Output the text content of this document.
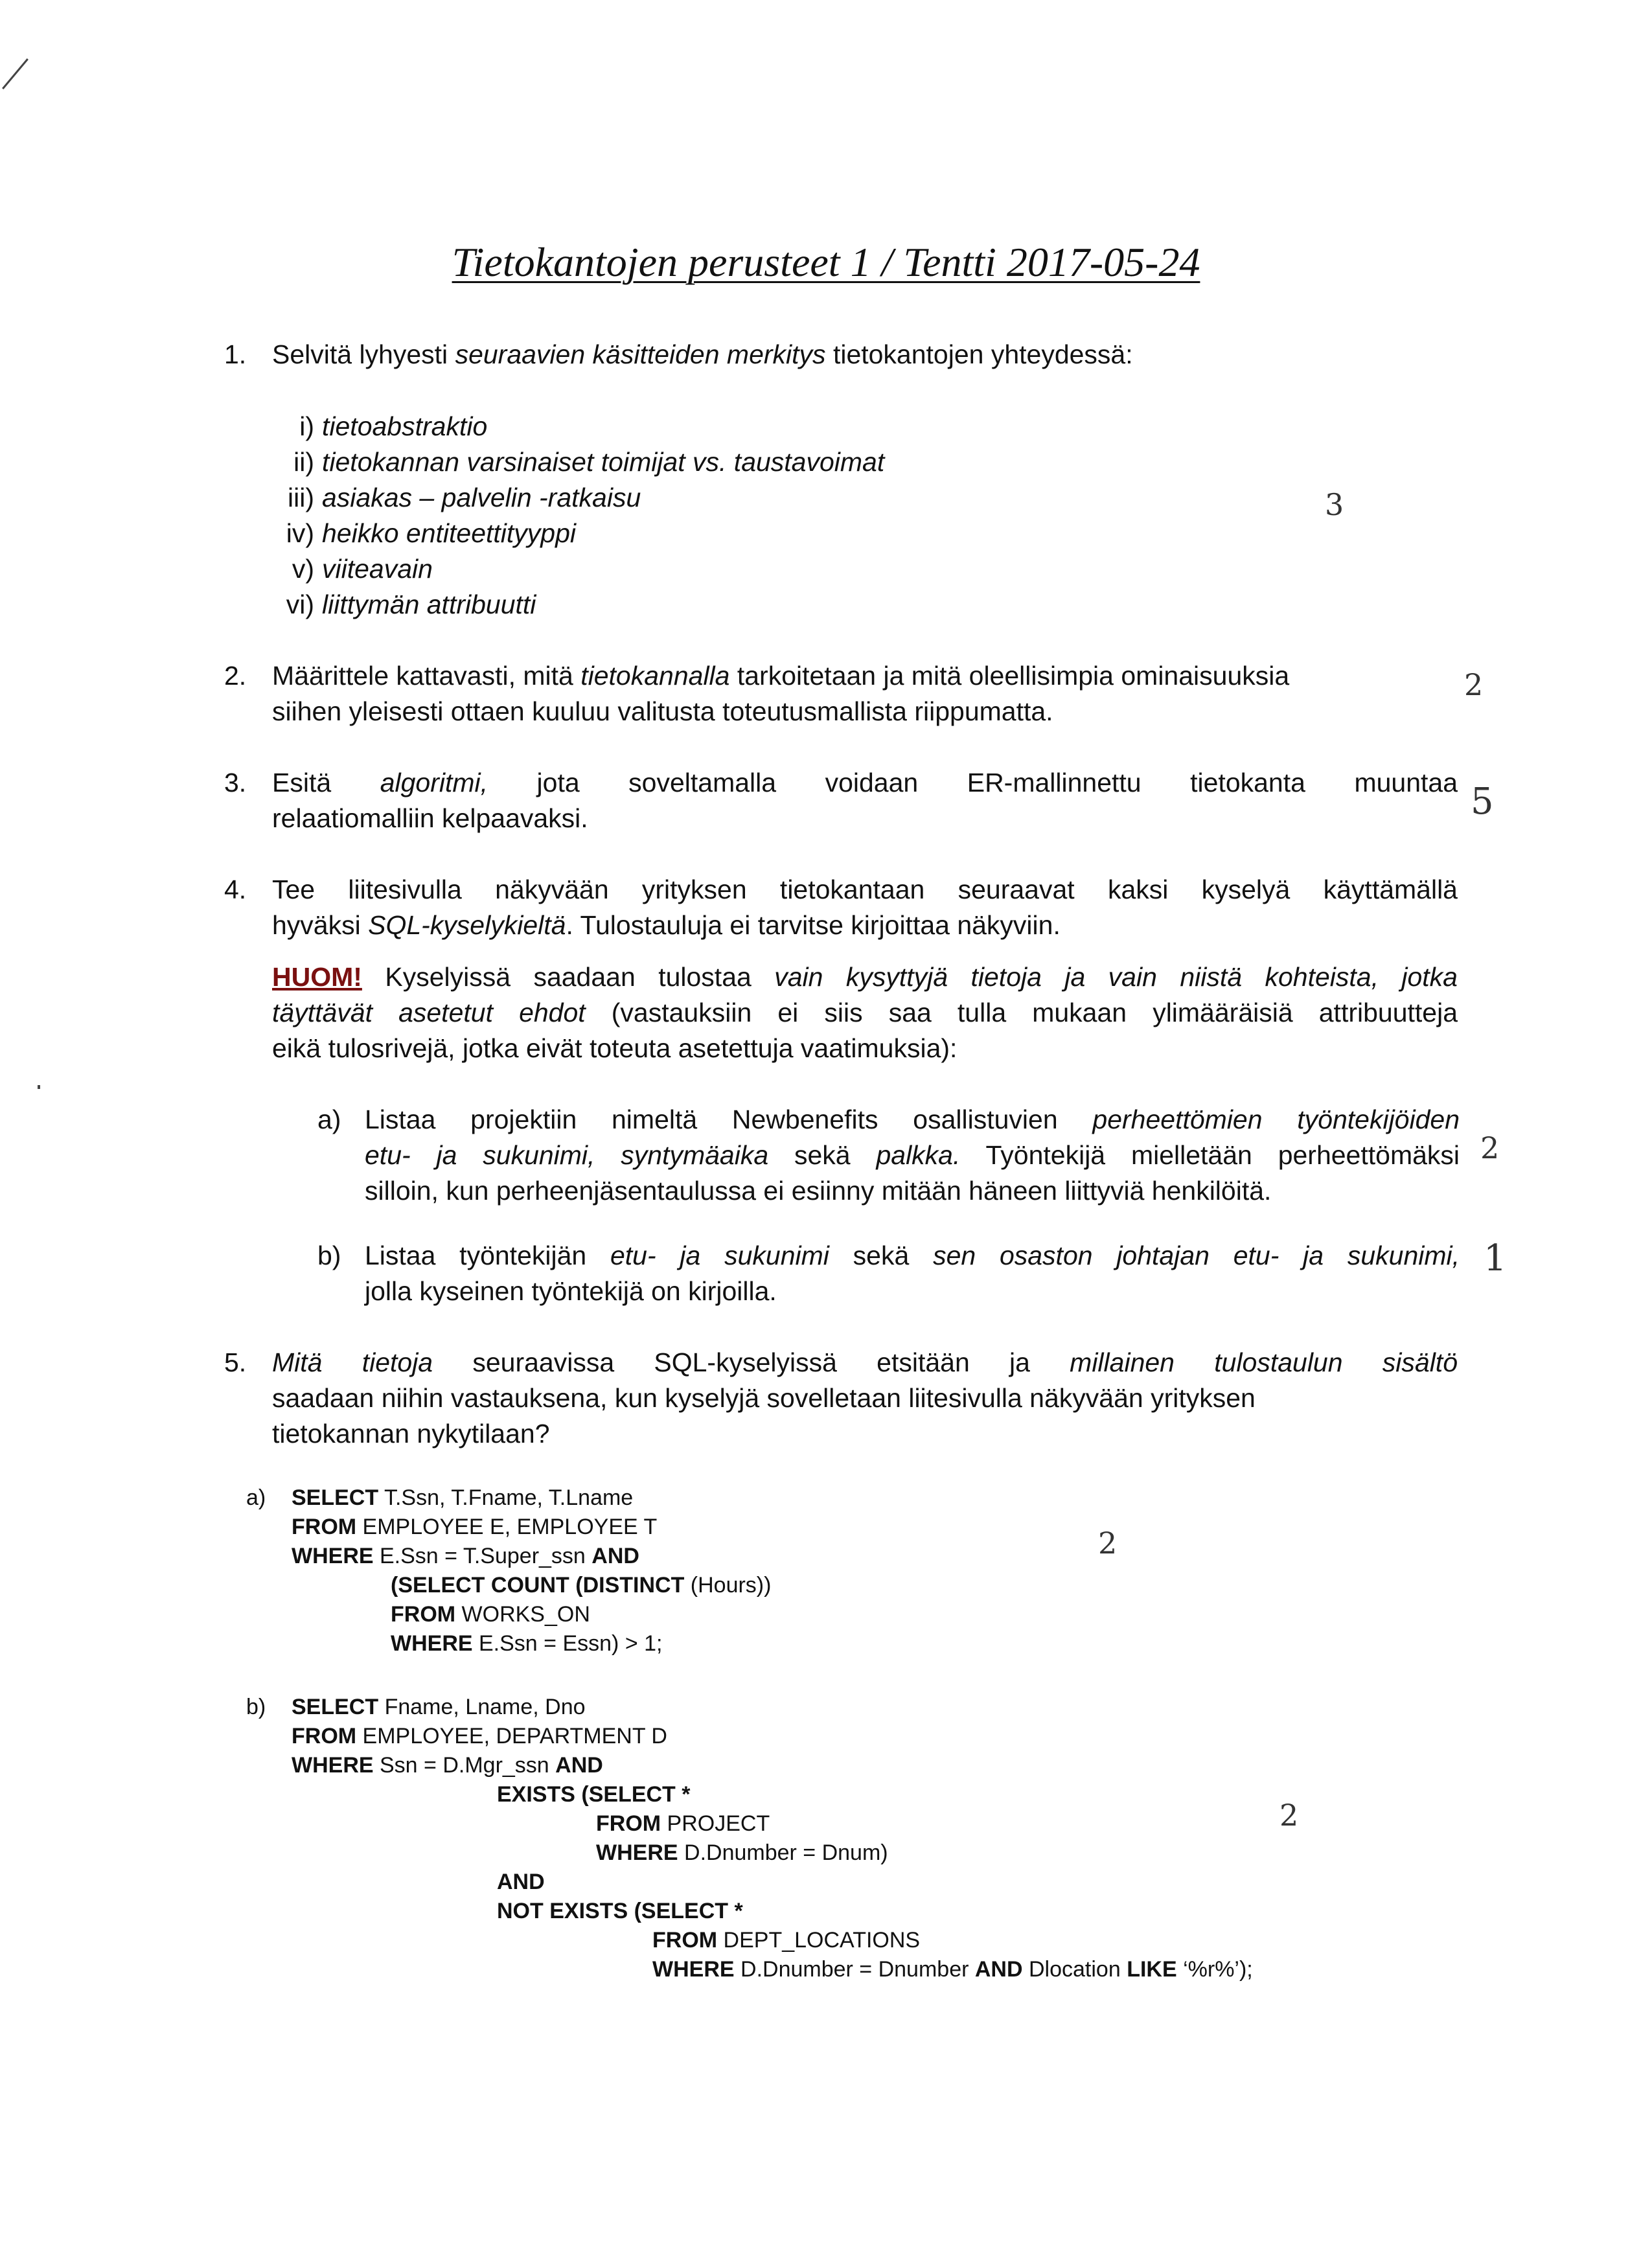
Tietokantojen perusteet 1 / Tentti 2017-05-24
1. Selvitä lyhyesti seuraavien käsitteiden merkitys tietokantojen yhteydessä:
i) tietoabstraktio
ii) tietokannan varsinaiset toimijat vs. taustavoimat
iii) asiakas – palvelin -ratkaisu
iv) heikko entiteettityyppi
v) viiteavain
vi) liittymän attribuutti
3
2. Määrittele kattavasti, mitä tietokannalla tarkoitetaan ja mitä oleellisimpia ominaisuuksia
siihen yleisesti ottaen kuuluu valitusta toteutusmallista riippumatta.
2
3. Esitä algoritmi, jota soveltamalla voidaan ER-mallinnettu tietokanta muuntaa
relaatiomalliin kelpaavaksi.	5
4. Tee liitesivulla näkyvään yrityksen tietokantaan seuraavat kaksi kyselyä käyttämällä
hyväksi SQL-kyselykieltä. Tulostauluja ei tarvitse kirjoittaa näkyviin.
HUOM! Kyselyissä saadaan tulostaa vain kysyttyjä tietoja ja vain niistä kohteista, jotka
täyttävät asetetut ehdot (vastauksiin ei siis saa tulla mukaan ylimääräisiä attribuutteja
eikä tulosrivejä, jotka eivät toteuta asetettuja vaatimuksia):
a) Listaa projektiin nimeltä Newbenefits osallistuvien perheettömien työntekijöiden
etu- ja sukunimi, syntymäaika sekä palkka. Työntekijä mielletään perheettömäksi
silloin, kun perheenjäsentaulussa ei esiinny mitään häneen liittyviä henkilöitä.
2
b) Listaa työntekijän etu- ja sukunimi sekä sen osaston johtajan etu- ja sukunimi,
jolla kyseinen työntekijä on kirjoilla.
1
5. Mitä tietoja seuraavissa SQL-kyselyissä etsitään ja millainen tulostaulun sisältö
saadaan niihin vastauksena, kun kyselyjä sovelletaan liitesivulla näkyvään yrityksen
tietokannan nykytilaan?
a) SELECT T.Ssn, T.Fname, T.Lname
FROM EMPLOYEE E, EMPLOYEE T
WHERE E.Ssn = T.Super_ssn AND
(SELECT COUNT (DISTINCT (Hours))
FROM WORKS_ON
WHERE E.Ssn = Essn) > 1;
2
b) SELECT Fname, Lname, Dno
FROM EMPLOYEE, DEPARTMENT D
WHERE Ssn = D.Mgr_ssn AND
EXISTS (SELECT *
FROM PROJECT
WHERE D.Dnumber = Dnum)
AND
NOT EXISTS (SELECT *
FROM DEPT_LOCATIONS
WHERE D.Dnumber = Dnumber AND Dlocation LIKE ‘%r%’);
2
